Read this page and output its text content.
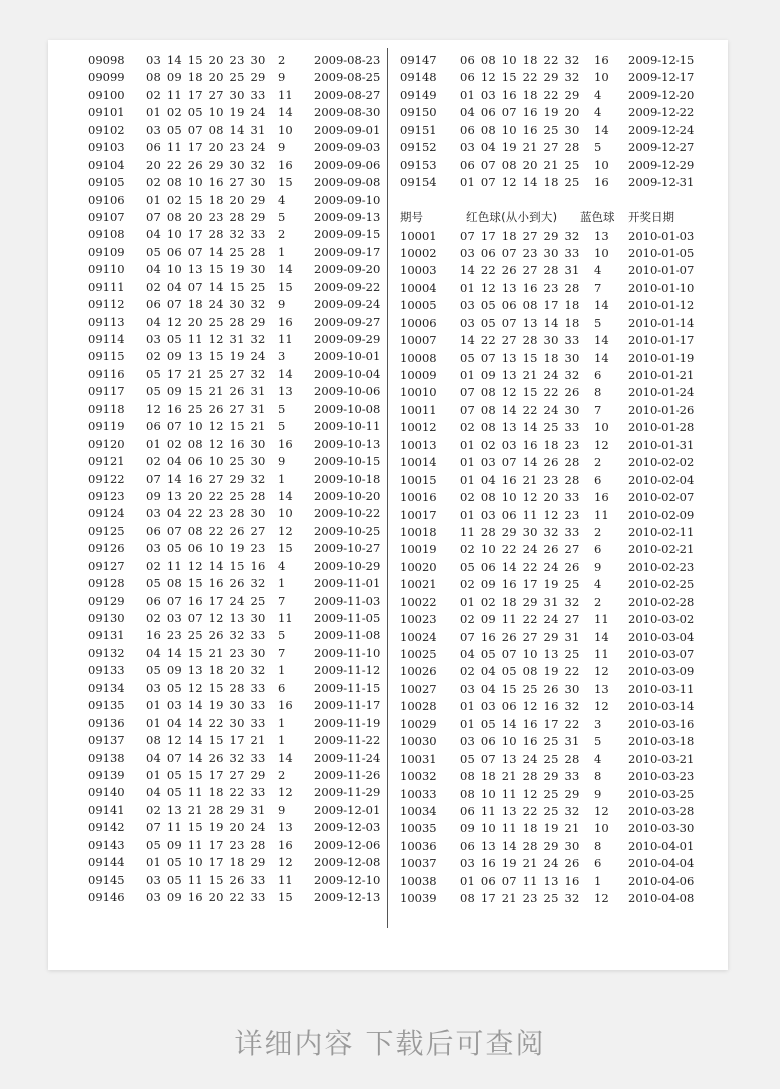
09098 03 14 15 20 23 30 2 2009-08-23
09099 08 09 18 20 25 29 9 2009-08-25
09100 02 11 17 27 30 33 11 2009-08-27
09101 01 02 05 10 19 24 14 2009-08-30
09102 03 05 07 08 14 31 10 2009-09-01
09103 06 11 17 20 23 24 9 2009-09-03
09104 20 22 26 29 30 32 16 2009-09-06
09105 02 08 10 16 27 30 15 2009-09-08
09106 01 02 15 18 20 29 4 2009-09-10
09107 07 08 20 23 28 29 5 2009-09-13
09108 04 10 17 28 32 33 2 2009-09-15
09109 05 06 07 14 25 28 1 2009-09-17
09110 04 10 13 15 19 30 14 2009-09-20
09111 02 04 07 14 15 25 15 2009-09-22
09112 06 07 18 24 30 32 9 2009-09-24
09113 04 12 20 25 28 29 16 2009-09-27
09114 03 05 11 12 31 32 11 2009-09-29
09115 02 09 13 15 19 24 3 2009-10-01
09116 05 17 21 25 27 32 14 2009-10-04
09117 05 09 15 21 26 31 13 2009-10-06
09118 12 16 25 26 27 31 5 2009-10-08
09119 06 07 10 12 15 21 5 2009-10-11
09120 01 02 08 12 16 30 16 2009-10-13
09121 02 04 06 10 25 30 9 2009-10-15
09122 07 14 16 27 29 32 1 2009-10-18
09123 09 13 20 22 25 28 14 2009-10-20
09124 03 04 22 23 28 30 10 2009-10-22
09125 06 07 08 22 26 27 12 2009-10-25
09126 03 05 06 10 19 23 15 2009-10-27
09127 02 11 12 14 15 16 4 2009-10-29
09128 05 08 15 16 26 32 1 2009-11-01
09129 06 07 16 17 24 25 7 2009-11-03
09130 02 03 07 12 13 30 11 2009-11-05
09131 16 23 25 26 32 33 5 2009-11-08
09132 04 14 15 21 23 30 7 2009-11-10
09133 05 09 13 18 20 32 1 2009-11-12
09134 03 05 12 15 28 33 6 2009-11-15
09135 01 03 14 19 30 33 16 2009-11-17
09136 01 04 14 22 30 33 1 2009-11-19
09137 08 12 14 15 17 21 1 2009-11-22
09138 04 07 14 26 32 33 14 2009-11-24
09139 01 05 15 17 27 29 2 2009-11-26
09140 04 05 11 18 22 33 12 2009-11-29
09141 02 13 21 28 29 31 9 2009-12-01
09142 07 11 15 19 20 24 13 2009-12-03
09143 05 09 11 17 23 28 16 2009-12-06
09144 01 05 10 17 18 29 12 2009-12-08
09145 03 05 11 15 26 33 11 2009-12-10
09146 03 09 16 20 22 33 15 2009-12-13
09147 06 08 10 18 22 32 16 2009-12-15
09148 06 12 15 22 29 32 10 2009-12-17
09149 01 03 16 18 22 29 4 2009-12-20
09150 04 06 07 16 19 20 4 2009-12-22
09151 06 08 10 16 25 30 14 2009-12-24
09152 03 04 19 21 27 28 5 2009-12-27
09153 06 07 08 20 21 25 10 2009-12-29
09154 01 07 12 14 18 25 16 2009-12-31
期号	红色球(从小到大) 蓝色球 开奖日期
10001 07 17 18 27 29 32 13 2010-01-03
10002 03 06 07 23 30 33 10 2010-01-05
10003 14 22 26 27 28 31 4 2010-01-07
10004 01 12 13 16 23 28 7 2010-01-10
10005 03 05 06 08 17 18 14 2010-01-12
10006 03 05 07 13 14 18 5 2010-01-14
10007 14 22 27 28 30 33 14 2010-01-17
10008 05 07 13 15 18 30 14 2010-01-19
10009 01 09 13 21 24 32 6 2010-01-21
10010 07 08 12 15 22 26 8 2010-01-24
10011 07 08 14 22 24 30 7 2010-01-26
10012 02 08 13 14 25 33 10 2010-01-28
10013 01 02 03 16 18 23 12 2010-01-31
10014 01 03 07 14 26 28 2 2010-02-02
10015 01 04 16 21 23 28 6 2010-02-04
10016 02 08 10 12 20 33 16 2010-02-07
10017 01 03 06 11 12 23 11 2010-02-09
10018 11 28 29 30 32 33 2 2010-02-11
10019 02 10 22 24 26 27 6 2010-02-21
10020 05 06 14 22 24 26 9 2010-02-23
10021 02 09 16 17 19 25 4 2010-02-25
10022 01 02 18 29 31 32 2 2010-02-28
10023 02 09 11 22 24 27 11 2010-03-02
10024 07 16 26 27 29 31 14 2010-03-04
10025 04 05 07 10 13 25 11 2010-03-07
10026 02 04 05 08 19 22 12 2010-03-09
10027 03 04 15 25 26 30 13 2010-03-11
10028 01 03 06 12 16 32 12 2010-03-14
10029 01 05 14 16 17 22 3 2010-03-16
10030 03 06 10 16 25 31 5 2010-03-18
10031 05 07 13 24 25 28 4 2010-03-21
10032 08 18 21 28 29 33 8 2010-03-23
10033 08 10 11 12 25 29 9 2010-03-25
10034 06 11 13 22 25 32 12 2010-03-28
10035 09 10 11 18 19 21 10 2010-03-30
10036 06 13 14 28 29 30 8 2010-04-01
10037 03 16 19 21 24 26 6 2010-04-04
10038 01 06 07 11 13 16 1 2010-04-06
10039 08 17 21 23 25 32 12 2010-04-08
详细内容 下载后可查阅
